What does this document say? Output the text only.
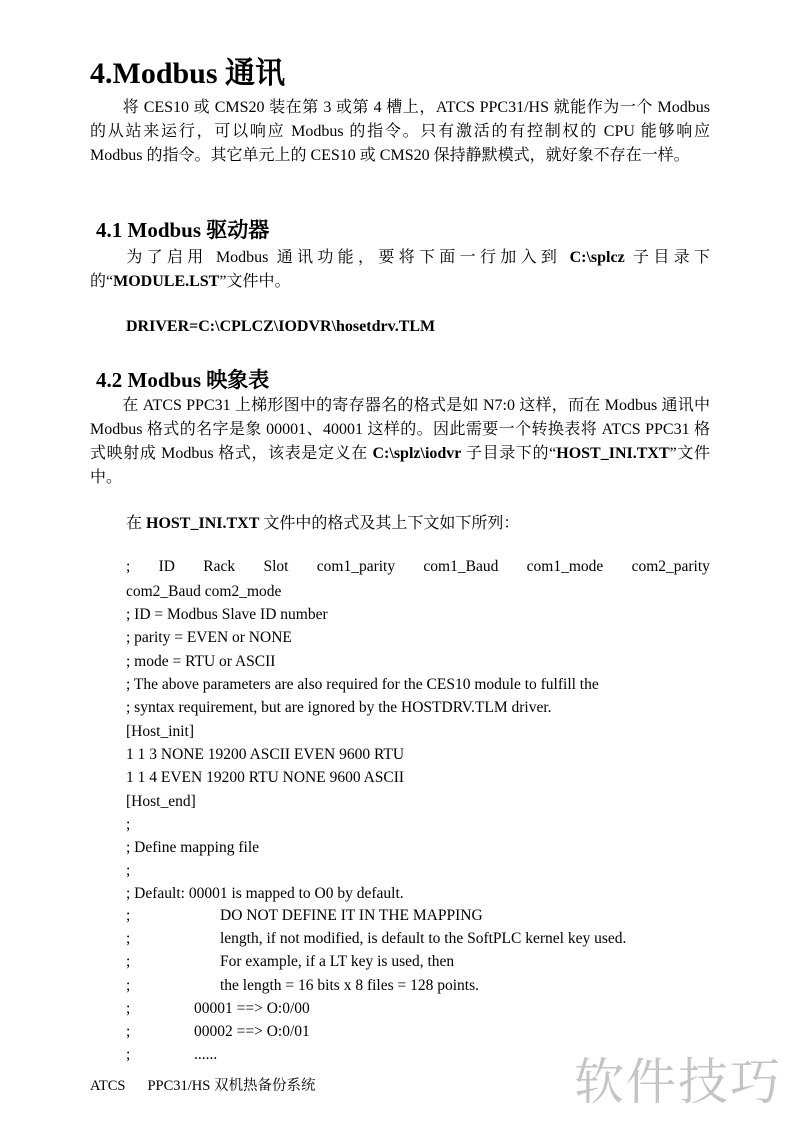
4.Modbus 通讯

将 CES10 或 CMS20 装在第 3 或第 4 槽上，ATCS PPC31/HS 就能作为一个 Modbus 的从站来运行，可以响应 Modbus 的指令。只有激活的有控制权的 CPU 能够响应 Modbus 的指令。其它单元上的 CES10 或 CMS20 保持静默模式，就好象不存在一样。

4.1 Modbus 驱动器

为了启用 Modbus 通讯功能，要将下面一行加入到 C:\splcz 子目录下的“MODULE.LST”文件中。

DRIVER=C:\CPLCZ\IODVR\hosetdrv.TLM
4.2 Modbus 映象表

在 ATCS PPC31 上梯形图中的寄存器名的格式是如 N7:0 这样，而在 Modbus 通讯中 Modbus 格式的名字是象 00001、40001 这样的。因此需要一个转换表将 ATCS PPC31 格式映射成 Modbus 格式，该表是定义在 C:\splz\iodvr 子目录下的“HOST_INI.TXT”文件中。

在 HOST_INI.TXT 文件中的格式及其上下文如下所列：
; ID Rack Slot com1_parity com1_Baud com1_mode com2_parity
com2_Baud com2_mode
; ID = Modbus Slave ID number
; parity = EVEN or NONE
; mode = RTU or ASCII
; The above parameters are also required for the CES10 module to fulfill the
; syntax requirement, but are ignored by the HOSTDRV.TLM driver.
[Host_init]
1 1 3 NONE 19200 ASCII EVEN 9600 RTU
1 1 4 EVEN 19200 RTU NONE 9600 ASCII
[Host_end]
;
; Define mapping file
;
; Default: 00001 is mapped to O0 by default.
;	DO NOT DEFINE IT IN THE MAPPING
;	length, if not modified, is default to the SoftPLC kernel key used.
;	For example, if a LT key is used, then
;	the length = 16 bits x 8 files = 128 points.
;	00001 ==> O:0/00
;	00002 ==> O:0/01
;	......
ATCS PPC31/HS 双机热备份系统	软件技巧
